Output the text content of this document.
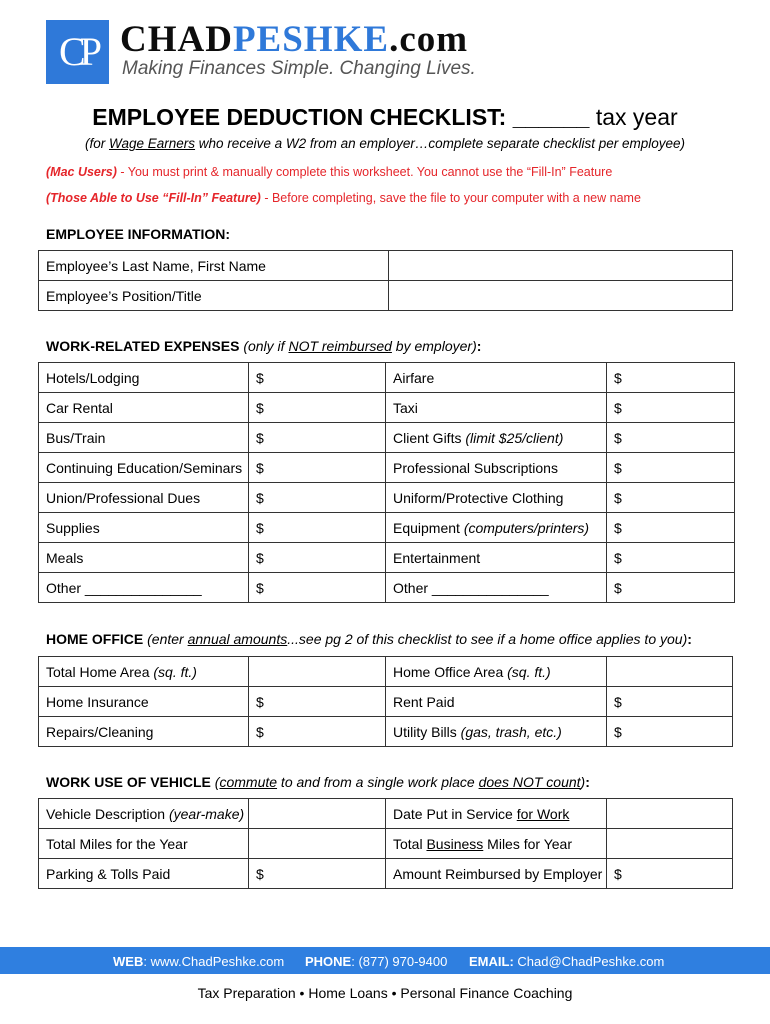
CP CHADPESHKE.com
Making Finances Simple. Changing Lives.
EMPLOYEE DEDUCTION CHECKLIST: ______ tax year
(for Wage Earners who receive a W2 from an employer…complete separate checklist per employee)
(Mac Users) - You must print & manually complete this worksheet. You cannot use the “Fill-In” Feature
(Those Able to Use “Fill-In” Feature) - Before completing, save the file to your computer with a new name
EMPLOYEE INFORMATION:
Employee’s Last Name, First Name	
Employee’s Position/Title	
WORK-RELATED EXPENSES (only if NOT reimbursed by employer):
Hotels/Lodging	$	Airfare	$
Car Rental	$	Taxi	$
Bus/Train	$	Client Gifts (limit $25/client)	$
Continuing Education/Seminars	$	Professional Subscriptions	$
Union/Professional Dues	$	Uniform/Protective Clothing	$
Supplies	$	Equipment (computers/printers)	$
Meals	$	Entertainment	$
Other _______________	$	Other _______________	$
HOME OFFICE (enter annual amounts...see pg 2 of this checklist to see if a home office applies to you):
Total Home Area (sq. ft.)		Home Office Area (sq. ft.)	
Home Insurance	$	Rent Paid	$
Repairs/Cleaning	$	Utility Bills (gas, trash, etc.)	$
WORK USE OF VEHICLE (commute to and from a single work place does NOT count):
Vehicle Description (year-make)		Date Put in Service for Work	
Total Miles for the Year		Total Business Miles for Year	
Parking & Tolls Paid	$	Amount Reimbursed by Employer	$
WEB: www.ChadPeshke.com PHONE: (877) 970-9400 EMAIL: Chad@ChadPeshke.com
Tax Preparation • Home Loans • Personal Finance Coaching
